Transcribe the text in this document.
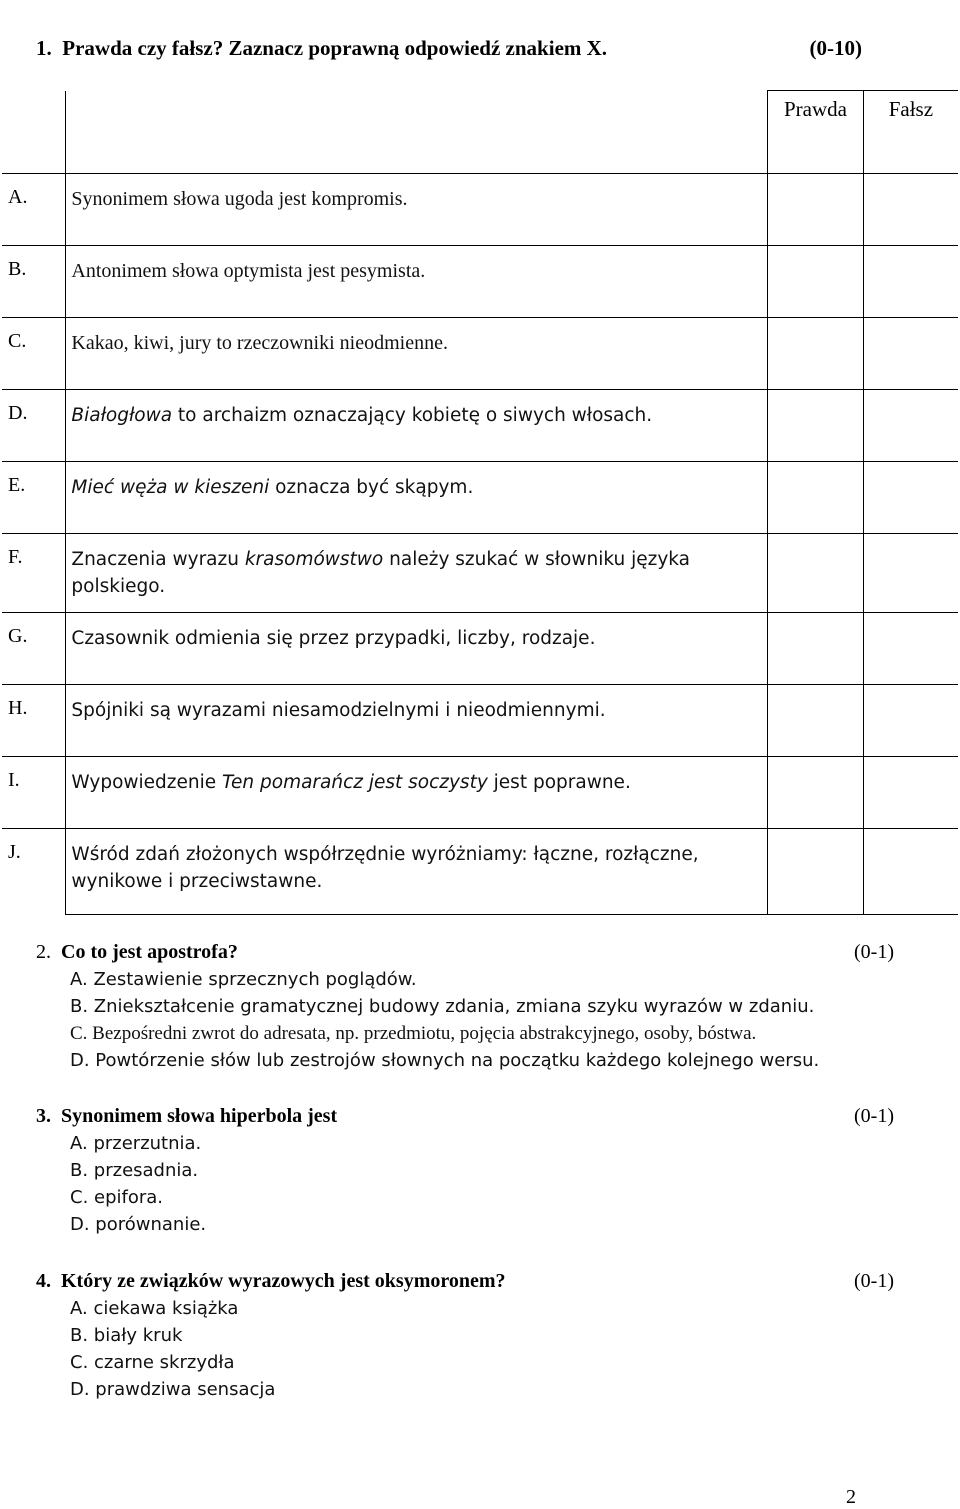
1. Prawda czy fałsz? Zaznacz poprawną odpowiedź znakiem X.	(0-10)
		Prawda	Fałsz
A.	Synonimem słowa ugoda jest kompromis.		
B.	Antonimem słowa optymista jest pesymista.		
C.	Kakao, kiwi, jury to rzeczowniki nieodmienne.		
D.	Białogłowa to archaizm oznaczający kobietę o siwych włosach.		
E.	Mieć węża w kieszeni oznacza być skąpym.		
F.	Znaczenia wyrazu krasomówstwo należy szukać w słowniku języka polskiego.		
G.	Czasownik odmienia się przez przypadki, liczby, rodzaje.		
H.	Spójniki są wyrazami niesamodzielnymi i nieodmiennymi.		
I.	Wypowiedzenie Ten pomarańcz jest soczysty jest poprawne.		
J.	Wśród zdań złożonych współrzędnie wyróżniamy: łączne, rozłączne, wynikowe i przeciwstawne.		
2. Co to jest apostrofa?	(0-1)
A. Zestawienie sprzecznych poglądów.
B. Zniekształcenie gramatycznej budowy zdania, zmiana szyku wyrazów w zdaniu.
C. Bezpośredni zwrot do adresata, np. przedmiotu, pojęcia abstrakcyjnego, osoby, bóstwa.
D. Powtórzenie słów lub zestrojów słownych na początku każdego kolejnego wersu.
3. Synonimem słowa hiperbola jest	(0-1)
A. przerzutnia.
B. przesadnia.
C. epifora.
D. porównanie.
4. Który ze związków wyrazowych jest oksymoronem?	(0-1)
A. ciekawa książka
B. biały kruk
C. czarne skrzydła
D. prawdziwa sensacja
2
